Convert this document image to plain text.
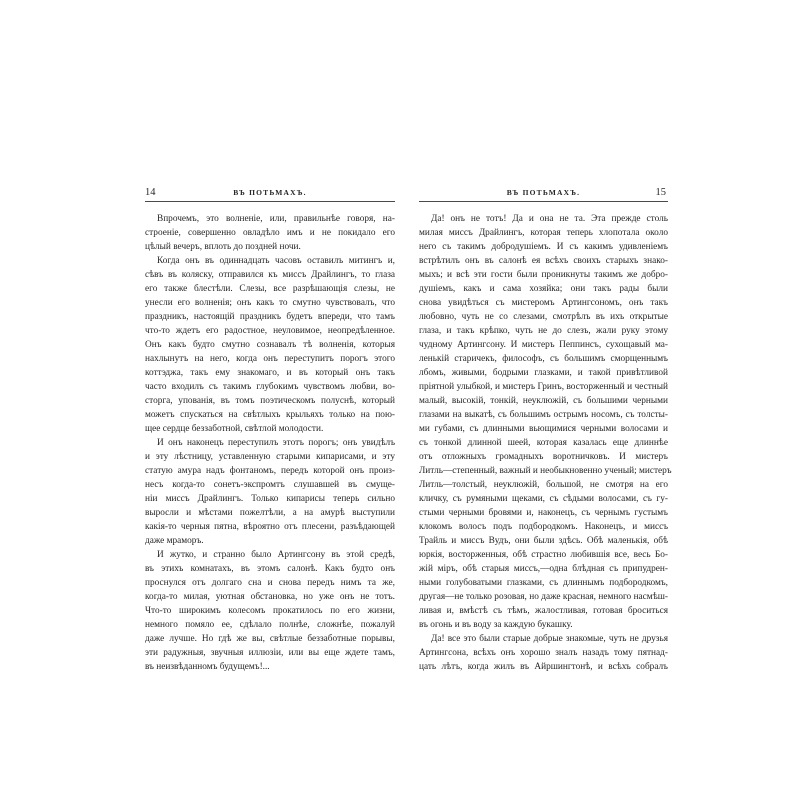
14	ВЪ ПОТЬМАХЪ.
Впрочемъ, это волненіе, или, правильнѣе говоря, на-
строеніе, совершенно овладѣло имъ и не покидало его
цѣлый вечеръ, вплоть до поздней ночи.
Когда онъ въ одиннадцать часовъ оставилъ митингъ и,
сѣвъ въ коляску, отправился къ миссъ Драйлингъ, то глаза
его также блестѣли. Слезы, все разрѣшающія слезы, не
унесли его волненія; онъ какъ то смутно чувствовалъ, что
праздникъ, настоящій праздникъ будетъ впереди, что тамъ
что-то ждетъ его радостное, неуловимое, неопредѣленное.
Онъ какъ будто смутно сознавалъ тѣ волненія, которыя
нахлынутъ на него, когда онъ переступитъ порогъ этого
коттэджа, такъ ему знакомаго, и въ который онъ такъ
часто входилъ съ такимъ глубокимъ чувствомъ любви, во-
сторга, упованія, въ томъ поэтическомъ полуснѣ, который
можетъ спускаться на свѣтлыхъ крыльяхъ только на пою-
щее сердце беззаботной, свѣтлой молодости.
И онъ наконецъ переступилъ этотъ порогъ; онъ увидѣлъ
и эту лѣстницу, уставленную старыми кипарисами, и эту
статую амура надъ фонтаномъ, передъ которой онъ произ-
несъ когда-то сонетъ-экспромтъ слушавшей въ смуще-
ніи миссъ Драйлингъ. Только кипарисы теперь сильно
выросли и мѣстами пожелтѣли, а на амурѣ выступили
какія-то черныя пятна, вѣроятно отъ плесени, разъѣдающей
даже мраморъ.
И жутко, и странно было Артингсону въ этой средѣ,
въ этихъ комнатахъ, въ этомъ салонѣ. Какъ будто онъ
проснулся отъ долгаго сна и снова передъ нимъ та же,
когда-то милая, уютная обстановка, но уже онъ не тотъ.
Что-то широкимъ колесомъ прокатилось по его жизни,
немного помяло ее, сдѣлало полнѣе, сложнѣе, пожалуй
даже лучше. Но гдѣ же вы, свѣтлые беззаботные порывы,
эти радужныя, звучныя иллюзіи, или вы еще ждете тамъ,
въ неизвѣданномъ будущемъ!...
ВЪ ПОТЬМАХЪ.	15
Да! онъ не тотъ! Да и она не та. Эта прежде столь
милая миссъ Драйлингъ, которая теперь хлопотала около
него съ такимъ добродушіемъ. И съ какимъ удивленіемъ
встрѣтилъ онъ въ салонѣ ея всѣхъ своихъ старыхъ знако-
мыхъ; и всѣ эти гости были проникнуты такимъ же добро-
душіемъ, какъ и сама хозяйка; они такъ рады были
снова увидѣться съ мистеромъ Артингсономъ, онъ такъ
любовно, чуть не со слезами, смотрѣлъ въ ихъ открытые
глаза, и такъ крѣпко, чуть не до слезъ, жали руку этому
чудному Артингсону. И мистеръ Пеппинсъ, сухощавый ма-
ленькій старичекъ, философъ, съ большимъ сморщеннымъ
лбомъ, живыми, бодрыми глазками, и такой привѣтливой
пріятной улыбкой, и мистеръ Гринъ, восторженный и честный
малый, высокій, тонкій, неуклюжій, съ большими черными
глазами на выкатѣ, съ большимъ острымъ носомъ, съ толсты-
ми губами, съ длинными вьющимися черными волосами и
съ тонкой длинной шеей, которая казалась еще длиннѣе
отъ отложныхъ громадныхъ воротничковъ. И мистеръ
Литль—степенный, важный и необыкновенно ученый; мистеръ
Литль—толстый, неуклюжій, большой, не смотря на его
кличку, съ румяными щеками, съ сѣдыми волосами, съ гу-
стыми черными бровями и, наконецъ, съ чернымъ густымъ
клокомъ волосъ подъ подбородкомъ. Наконецъ, и миссъ
Трайль и миссъ Вудъ, они были здѣсь. Обѣ маленькія, обѣ
юркія, восторженныя, обѣ страстно любившія все, весь Бо-
жій міръ, обѣ старыя миссъ,—одна блѣдная съ припудрен-
ными голубоватыми глазками, съ длиннымъ подбородкомъ,
другая—не только розовая, но даже красная, немного насмѣш-
ливая и, вмѣстѣ съ тѣмъ, жалостливая, готовая броситься
въ огонь и въ воду за каждую букашку.
Да! все это были старые добрые знакомые, чуть не друзья
Артингсона, всѣхъ онъ хорошо зналъ назадъ тому пятнад-
цать лѣтъ, когда жилъ въ Айршингтонѣ, и всѣхъ собралъ
